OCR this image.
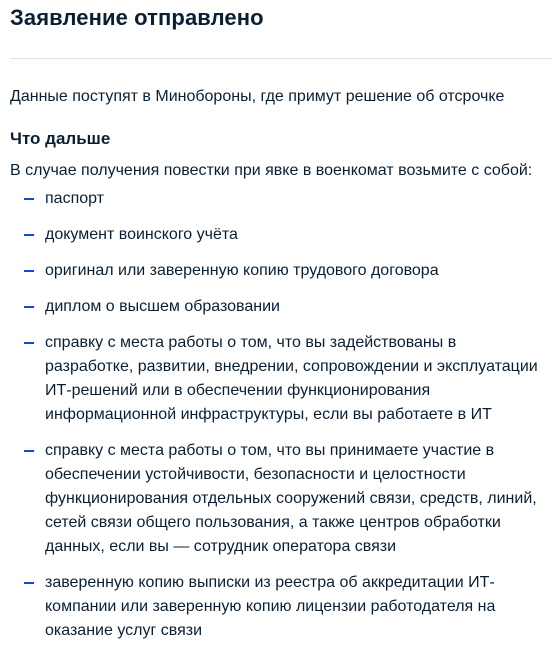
Заявление отправлено

Данные поступят в Минобороны, где примут решение об отсрочке

Что дальше

В случае получения повестки при явке в военкомат возьмите с собой:

паспорт
документ воинского учёта
оригинал или заверенную копию трудового договора
диплом о высшем образовании
справку с места работы о том, что вы задействованы в разработке, развитии, внедрении, сопровождении и эксплуатации ИТ-решений или в обеспечении функционирования информационной инфраструктуры, если вы работаете в ИТ
справку с места работы о том, что вы принимаете участие в обеспечении устойчивости, безопасности и целостности функционирования отдельных сооружений связи, средств, линий, сетей связи общего пользования, а также центров обработки данных, если вы — сотрудник оператора связи
заверенную копию выписки из реестра об аккредитации ИТ-компании или заверенную копию лицензии работодателя на оказание услуг связи
